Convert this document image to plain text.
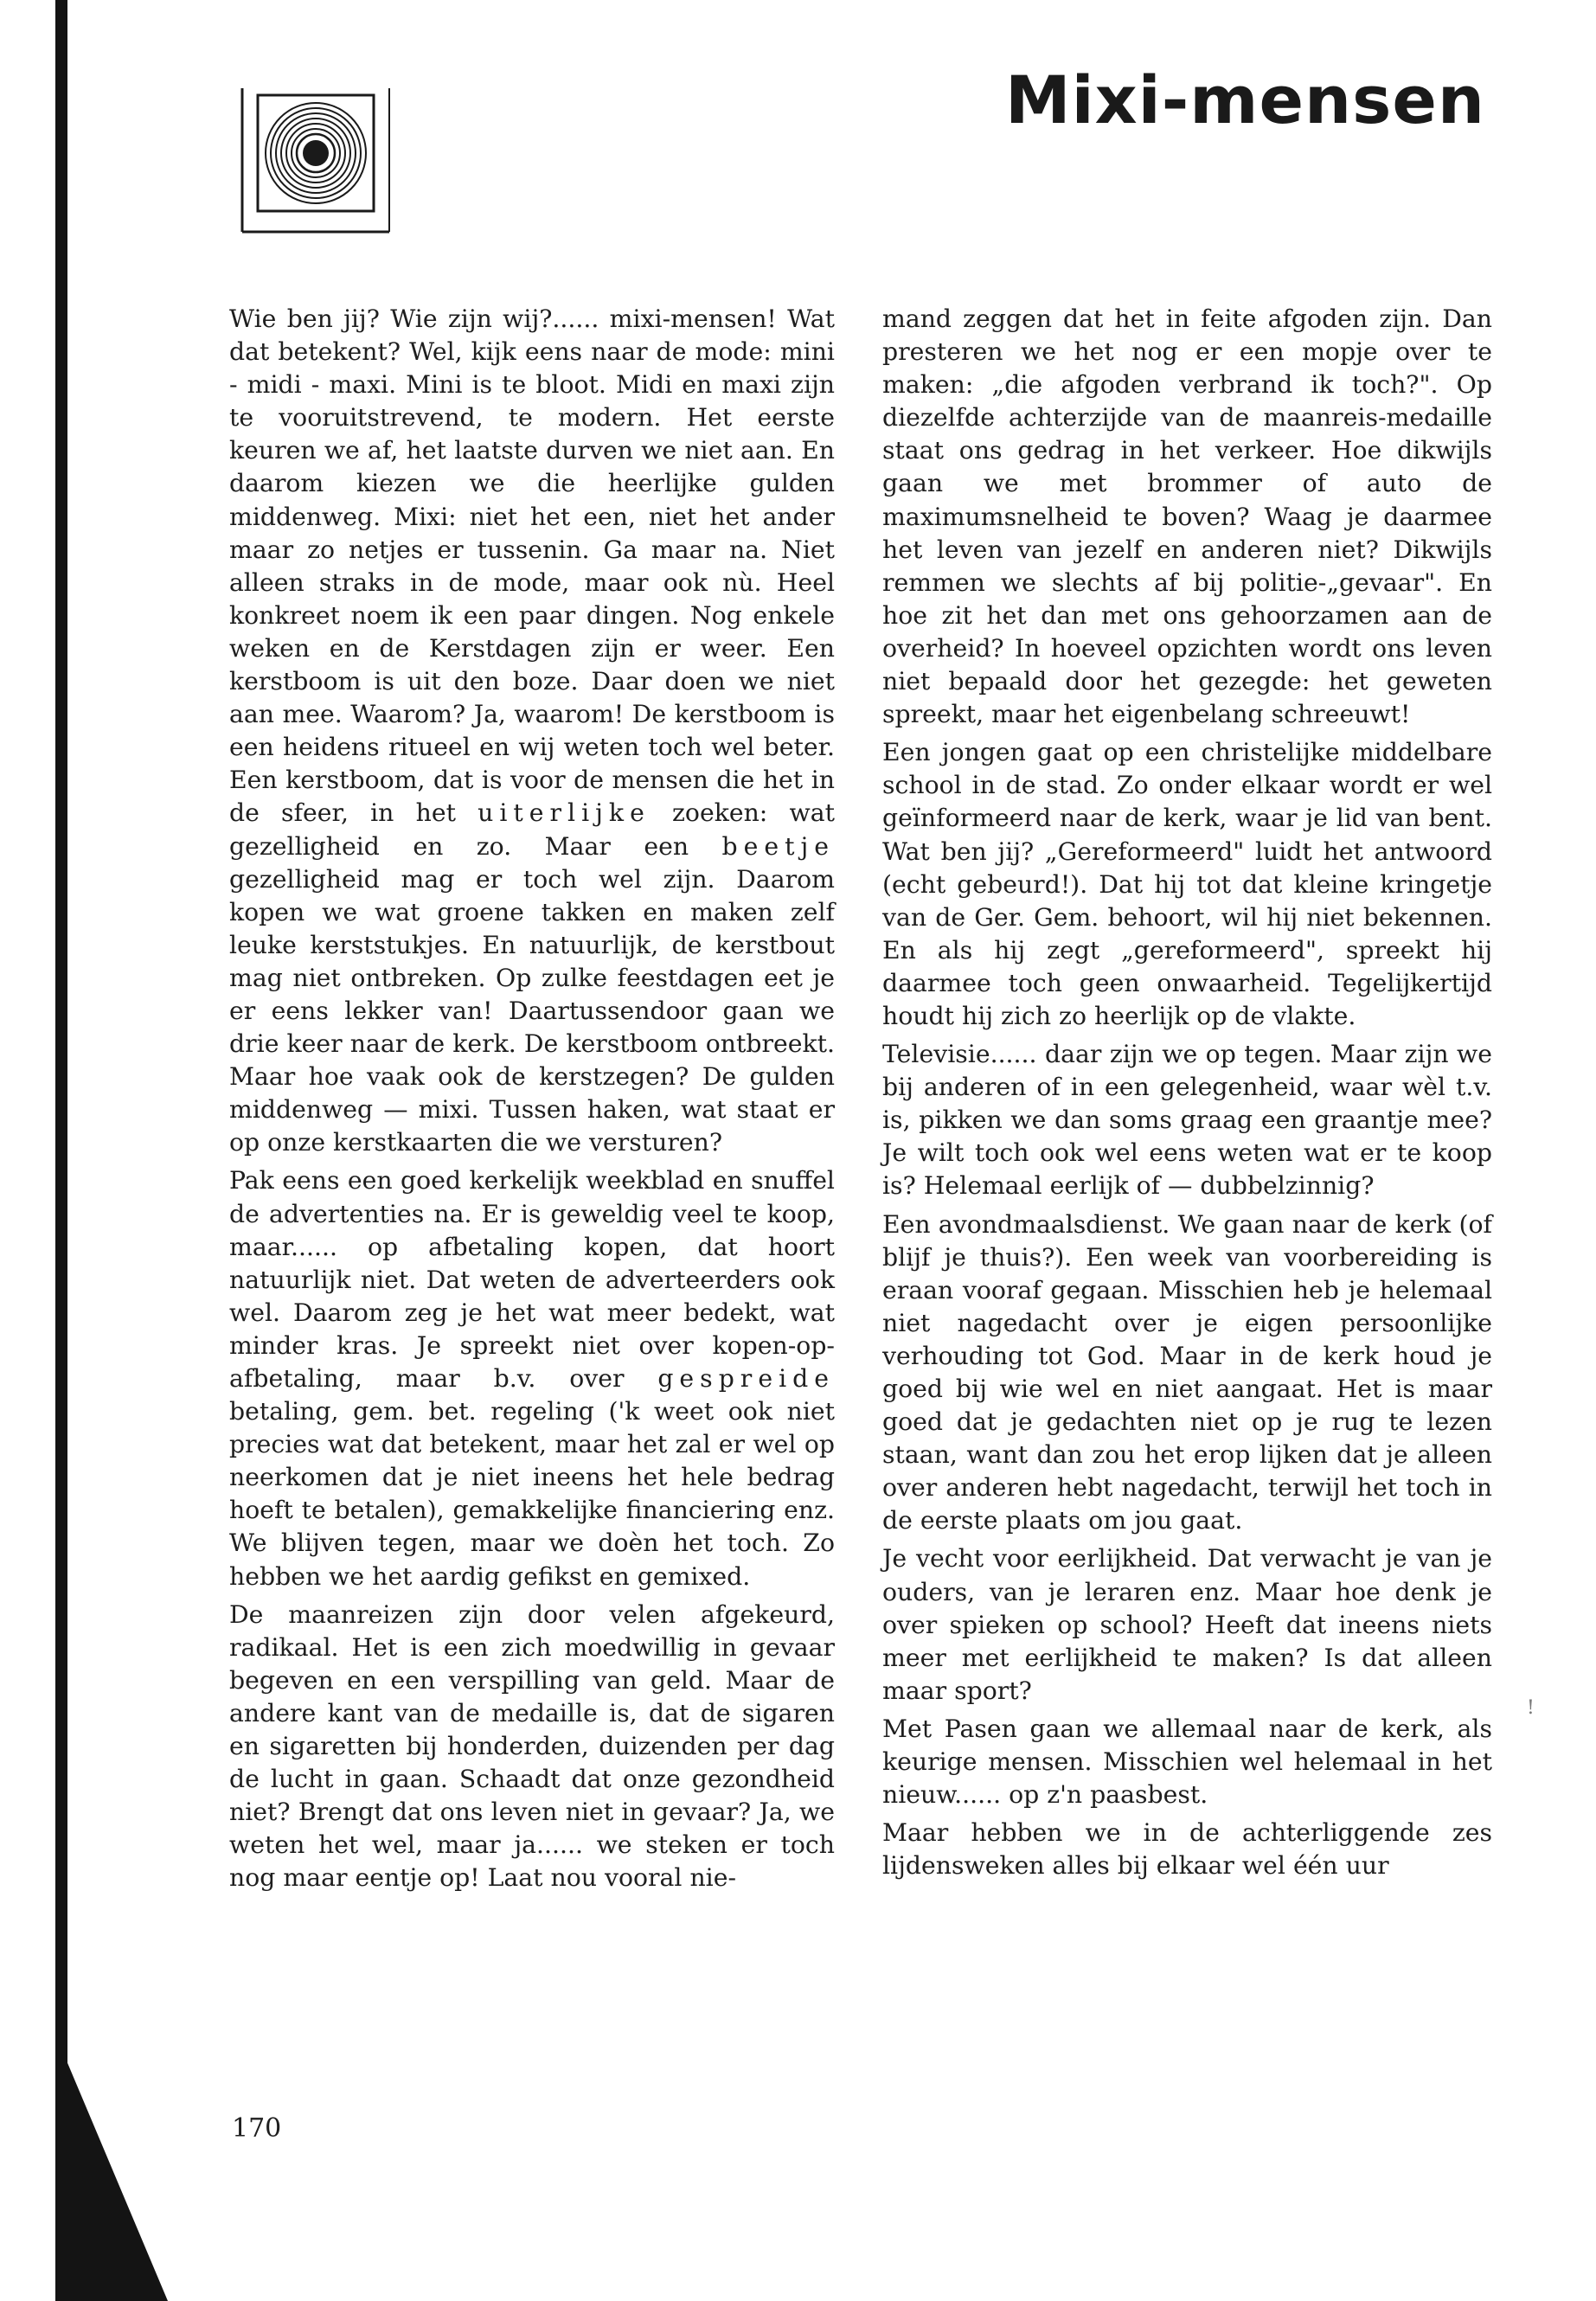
Mixi-mensen

Wie ben jij? Wie zijn wij?...... mixi-mensen! Wat dat betekent? Wel, kijk eens naar de mode: mini - midi - maxi. Mini is te bloot. Midi en maxi zijn te vooruitstrevend, te modern. Het eerste keuren we af, het laatste durven we niet aan. En daarom kiezen we die heerlijke gulden middenweg. Mixi: niet het een, niet het ander maar zo netjes er tussenin. Ga maar na. Niet alleen straks in de mode, maar ook nù. Heel konkreet noem ik een paar dingen. Nog enkele weken en de Kerstdagen zijn er weer. Een kerstboom is uit den boze. Daar doen we niet aan mee. Waarom? Ja, waarom! De kerstboom is een heidens ritueel en wij weten toch wel beter. Een kerstboom, dat is voor de mensen die het in de sfeer, in het uiterlijke zoeken: wat gezelligheid en zo. Maar een beetje gezelligheid mag er toch wel zijn. Daarom kopen we wat groene takken en maken zelf leuke kerststukjes. En natuurlijk, de kerstbout mag niet ontbreken. Op zulke feestdagen eet je er eens lekker van! Daartussendoor gaan we drie keer naar de kerk. De kerstboom ontbreekt. Maar hoe vaak ook de kerstzegen? De gulden middenweg — mixi. Tussen haken, wat staat er op onze kerstkaarten die we versturen?

Pak eens een goed kerkelijk weekblad en snuffel de advertenties na. Er is geweldig veel te koop, maar...... op afbetaling kopen, dat hoort natuurlijk niet. Dat weten de adverteerders ook wel. Daarom zeg je het wat meer bedekt, wat minder kras. Je spreekt niet over kopen-op-afbetaling, maar b.v. over gespreide betaling, gem. bet. regeling ('k weet ook niet precies wat dat betekent, maar het zal er wel op neerkomen dat je niet ineens het hele bedrag hoeft te betalen), gemakkelijke financiering enz. We blijven tegen, maar we doèn het toch. Zo hebben we het aardig gefikst en gemixed.

De maanreizen zijn door velen afgekeurd, radikaal. Het is een zich moedwillig in gevaar begeven en een verspilling van geld. Maar de andere kant van de medaille is, dat de sigaren en sigaretten bij honderden, duizenden per dag de lucht in gaan. Schaadt dat onze gezondheid niet? Brengt dat ons leven niet in gevaar? Ja, we weten het wel, maar ja...... we steken er toch nog maar eentje op! Laat nou vooral nie-

mand zeggen dat het in feite afgoden zijn. Dan presteren we het nog er een mopje over te maken: „die afgoden verbrand ik toch?". Op diezelfde achterzijde van de maanreis-medaille staat ons gedrag in het verkeer. Hoe dikwijls gaan we met brommer of auto de maximumsnelheid te boven? Waag je daarmee het leven van jezelf en anderen niet? Dikwijls remmen we slechts af bij politie-„gevaar". En hoe zit het dan met ons gehoorzamen aan de overheid? In hoeveel opzichten wordt ons leven niet bepaald door het gezegde: het geweten spreekt, maar het eigenbelang schreeuwt!

Een jongen gaat op een christelijke middelbare school in de stad. Zo onder elkaar wordt er wel geïnformeerd naar de kerk, waar je lid van bent. Wat ben jij? „Gereformeerd" luidt het antwoord (echt gebeurd!). Dat hij tot dat kleine kringetje van de Ger. Gem. behoort, wil hij niet bekennen. En als hij zegt „gereformeerd", spreekt hij daarmee toch geen onwaarheid. Tegelijkertijd houdt hij zich zo heerlijk op de vlakte.

Televisie...... daar zijn we op tegen. Maar zijn we bij anderen of in een gelegenheid, waar wèl t.v. is, pikken we dan soms graag een graantje mee? Je wilt toch ook wel eens weten wat er te koop is? Helemaal eerlijk of — dubbelzinnig?

Een avondmaalsdienst. We gaan naar de kerk (of blijf je thuis?). Een week van voorbereiding is eraan vooraf gegaan. Misschien heb je helemaal niet nagedacht over je eigen persoonlijke verhouding tot God. Maar in de kerk houd je goed bij wie wel en niet aangaat. Het is maar goed dat je gedachten niet op je rug te lezen staan, want dan zou het erop lijken dat je alleen over anderen hebt nagedacht, terwijl het toch in de eerste plaats om jou gaat.

Je vecht voor eerlijkheid. Dat verwacht je van je ouders, van je leraren enz. Maar hoe denk je over spieken op school? Heeft dat ineens niets meer met eerlijkheid te maken? Is dat alleen maar sport?

Met Pasen gaan we allemaal naar de kerk, als keurige mensen. Misschien wel helemaal in het nieuw...... op z'n paasbest.

Maar hebben we in de achterliggende zes lijdensweken alles bij elkaar wel één uur

170
!
